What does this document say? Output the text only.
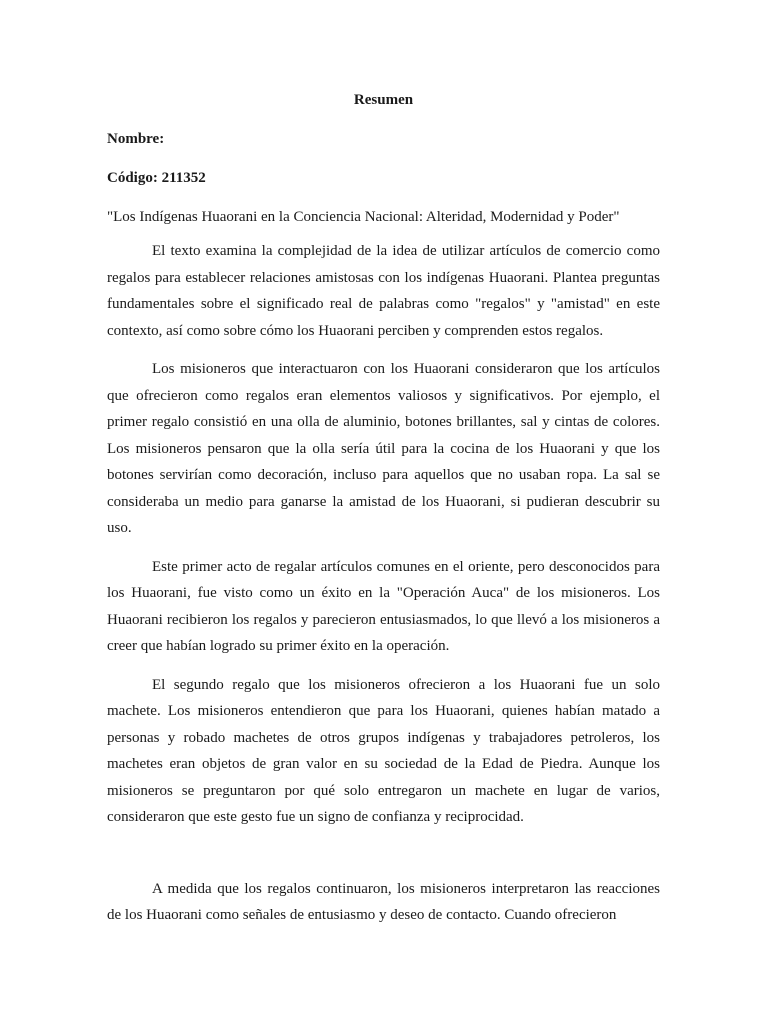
Resumen
Nombre:
Código: 211352
"Los Indígenas Huaorani en la Conciencia Nacional: Alteridad, Modernidad y Poder"

El texto examina la complejidad de la idea de utilizar artículos de comercio como regalos para establecer relaciones amistosas con los indígenas Huaorani. Plantea preguntas fundamentales sobre el significado real de palabras como "regalos" y "amistad" en este contexto, así como sobre cómo los Huaorani perciben y comprenden estos regalos.

Los misioneros que interactuaron con los Huaorani consideraron que los artículos que ofrecieron como regalos eran elementos valiosos y significativos. Por ejemplo, el primer regalo consistió en una olla de aluminio, botones brillantes, sal y cintas de colores. Los misioneros pensaron que la olla sería útil para la cocina de los Huaorani y que los botones servirían como decoración, incluso para aquellos que no usaban ropa. La sal se consideraba un medio para ganarse la amistad de los Huaorani, si pudieran descubrir su uso.

Este primer acto de regalar artículos comunes en el oriente, pero desconocidos para los Huaorani, fue visto como un éxito en la "Operación Auca" de los misioneros. Los Huaorani recibieron los regalos y parecieron entusiasmados, lo que llevó a los misioneros a creer que habían logrado su primer éxito en la operación.

El segundo regalo que los misioneros ofrecieron a los Huaorani fue un solo machete. Los misioneros entendieron que para los Huaorani, quienes habían matado a personas y robado machetes de otros grupos indígenas y trabajadores petroleros, los machetes eran objetos de gran valor en su sociedad de la Edad de Piedra. Aunque los misioneros se preguntaron por qué solo entregaron un machete en lugar de varios, consideraron que este gesto fue un signo de confianza y reciprocidad.

A medida que los regalos continuaron, los misioneros interpretaron las reacciones de los Huaorani como señales de entusiasmo y deseo de contacto. Cuando ofrecieron
